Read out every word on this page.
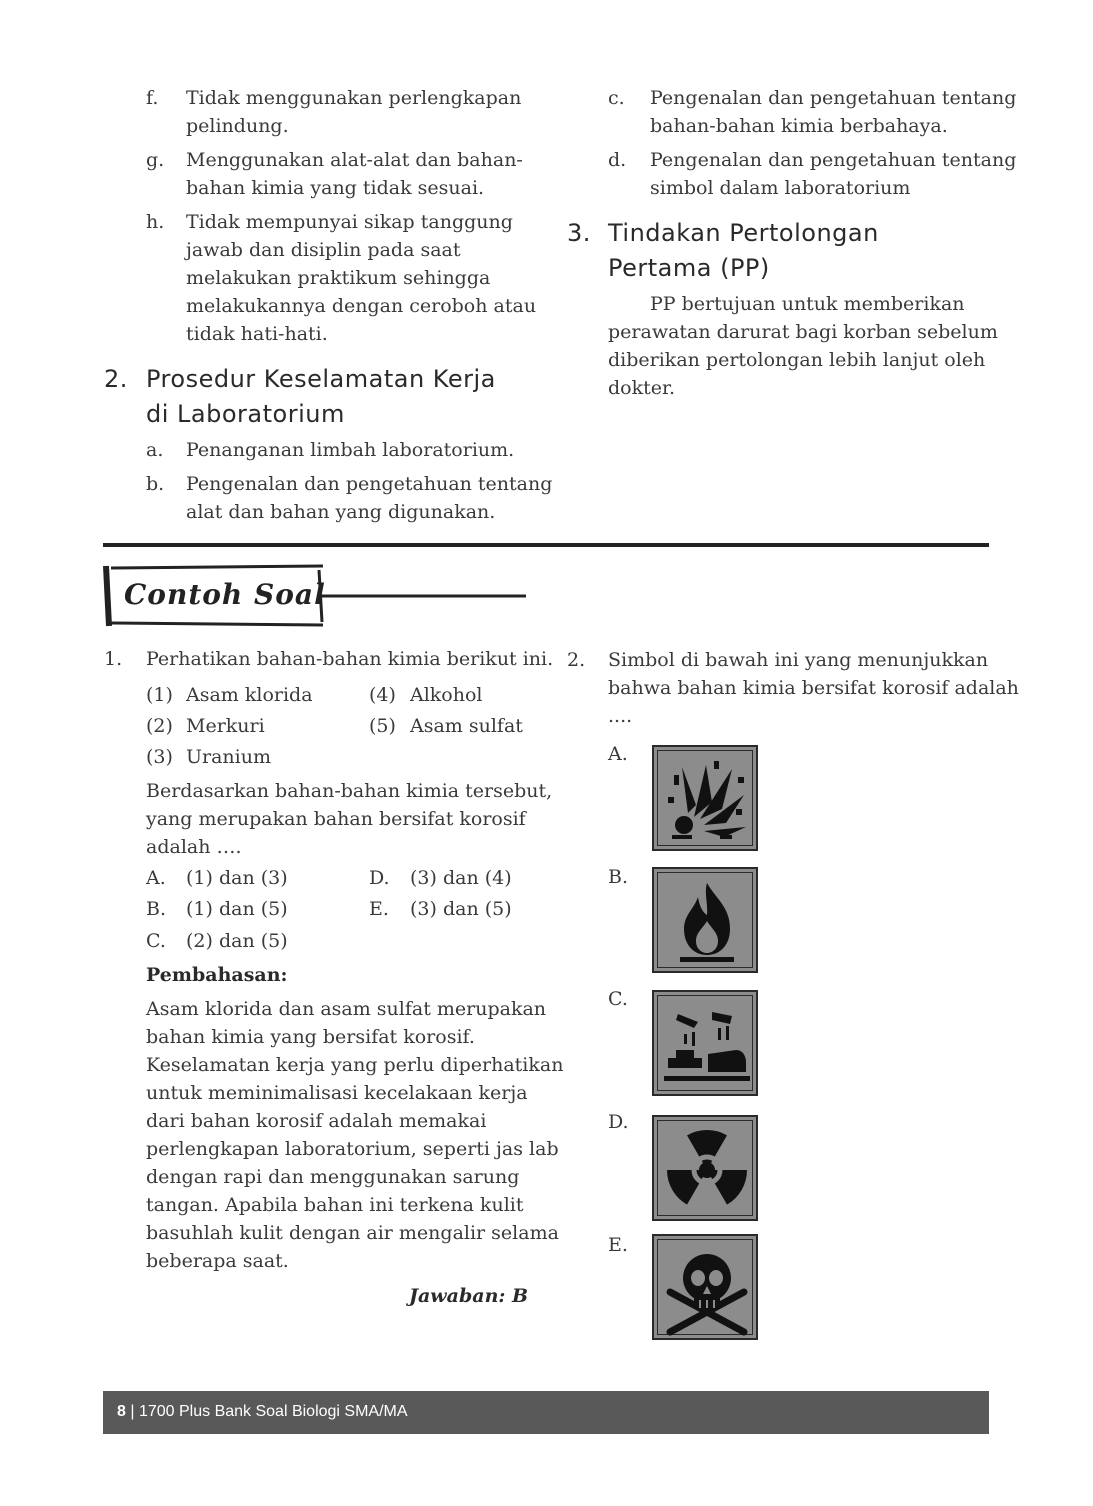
f. Tidak menggunakan perlengkapan
pelindung.
g. Menggunakan alat-alat dan bahan-
bahan kimia yang tidak sesuai.
h. Tidak mempunyai sikap tanggung
jawab dan disiplin pada saat
melakukan praktikum sehingga
melakukannya dengan ceroboh atau
tidak hati-hati.
2. Prosedur Keselamatan Kerja
di Laboratorium
a. Penanganan limbah laboratorium.
b. Pengenalan dan pengetahuan tentang
alat dan bahan yang digunakan.
c. Pengenalan dan pengetahuan tentang
bahan-bahan kimia berbahaya.
d. Pengenalan dan pengetahuan tentang
simbol dalam laboratorium
3. Tindakan Pertolongan
Pertama (PP)
PP bertujuan untuk memberikan
perawatan darurat bagi korban sebelum
diberikan pertolongan lebih lanjut oleh
dokter.
Contoh Soal
1. Perhatikan bahan-bahan kimia berikut ini.
(1) Asam klorida	(4) Alkohol
(2) Merkuri	(5) Asam sulfat
(3) Uranium
Berdasarkan bahan-bahan kimia tersebut,
yang merupakan bahan bersifat korosif
adalah ….
A. (1) dan (3)	D. (3) dan (4)
B. (1) dan (5)	E. (3) dan (5)
C. (2) dan (5)
Pembahasan:
Asam klorida dan asam sulfat merupakan
bahan kimia yang bersifat korosif.
Keselamatan kerja yang perlu diperhatikan
untuk meminimalisasi kecelakaan kerja
dari bahan korosif adalah memakai
perlengkapan laboratorium, seperti jas lab
dengan rapi dan menggunakan sarung
tangan. Apabila bahan ini terkena kulit
basuhlah kulit dengan air mengalir selama
beberapa saat.
Jawaban: B
2. Simbol di bawah ini yang menunjukkan
bahwa bahan kimia bersifat korosif adalah
....
A.
B.
C.
D.
E.
8 | 1700 Plus Bank Soal Biologi SMA/MA
